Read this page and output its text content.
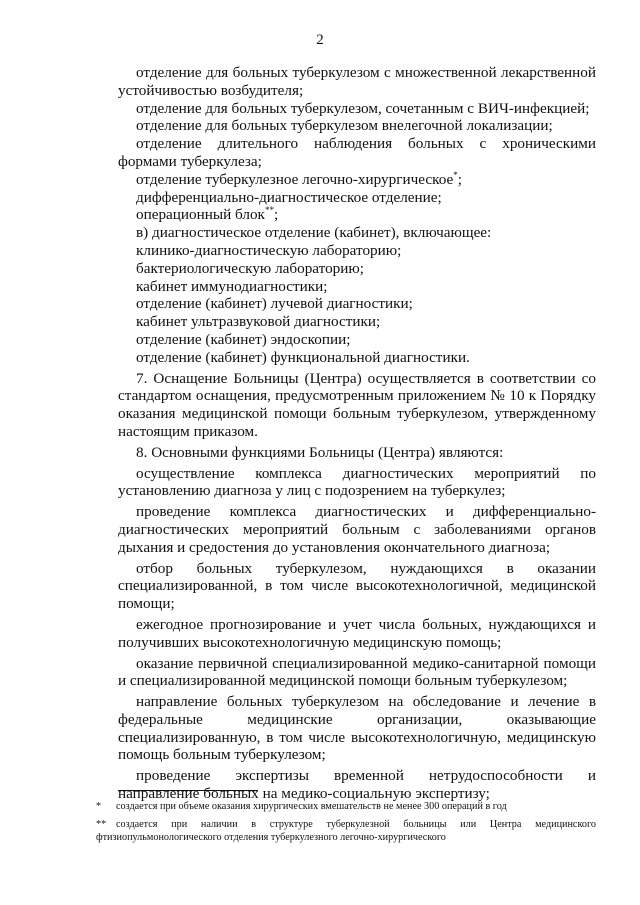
2

отделение для больных туберкулезом с множественной лекарственной устойчивостью возбудителя;

отделение для больных туберкулезом, сочетанным с ВИЧ-инфекцией;

отделение для больных туберкулезом внелегочной локализации;

отделение длительного наблюдения больных с хроническими формами туберкулеза;

отделение туберкулезное легочно-хирургическое*;

дифференциально-диагностическое отделение;

операционный блок**;

в) диагностическое отделение (кабинет), включающее:

клинико-диагностическую лабораторию;

бактериологическую лабораторию;

кабинет иммунодиагностики;

отделение (кабинет) лучевой диагностики;

кабинет ультразвуковой диагностики;

отделение (кабинет) эндоскопии;

отделение (кабинет) функциональной диагностики.

7. Оснащение Больницы (Центра) осуществляется в соответствии со стандартом оснащения, предусмотренным приложением № 10 к Порядку оказания медицинской помощи больным туберкулезом, утвержденному настоящим приказом.

8. Основными функциями Больницы (Центра) являются:

осуществление комплекса диагностических мероприятий по установлению диагноза у лиц с подозрением на туберкулез;

проведение комплекса диагностических и дифференциально-диагностических мероприятий больным с заболеваниями органов дыхания и средостения до установления окончательного диагноза;

отбор больных туберкулезом, нуждающихся в оказании специализированной, в том числе высокотехнологичной, медицинской помощи;

ежегодное прогнозирование и учет числа больных, нуждающихся и получивших высокотехнологичную медицинскую помощь;

оказание первичной специализированной медико-санитарной помощи и специализированной медицинской помощи больным туберкулезом;

направление больных туберкулезом на обследование и лечение в федеральные медицинские организации, оказывающие специализированную, в том числе высокотехнологичную, медицинскую помощь больным туберкулезом;

проведение экспертизы временной нетрудоспособности и направление больных на медико-социальную экспертизу;

* создается при объеме оказания хирургических вмешательств не менее 300 операций в год
** создается при наличии в структуре туберкулезной больницы или Центра медицинского фтизиопульмонологического отделения туберкулезного легочно-хирургического
